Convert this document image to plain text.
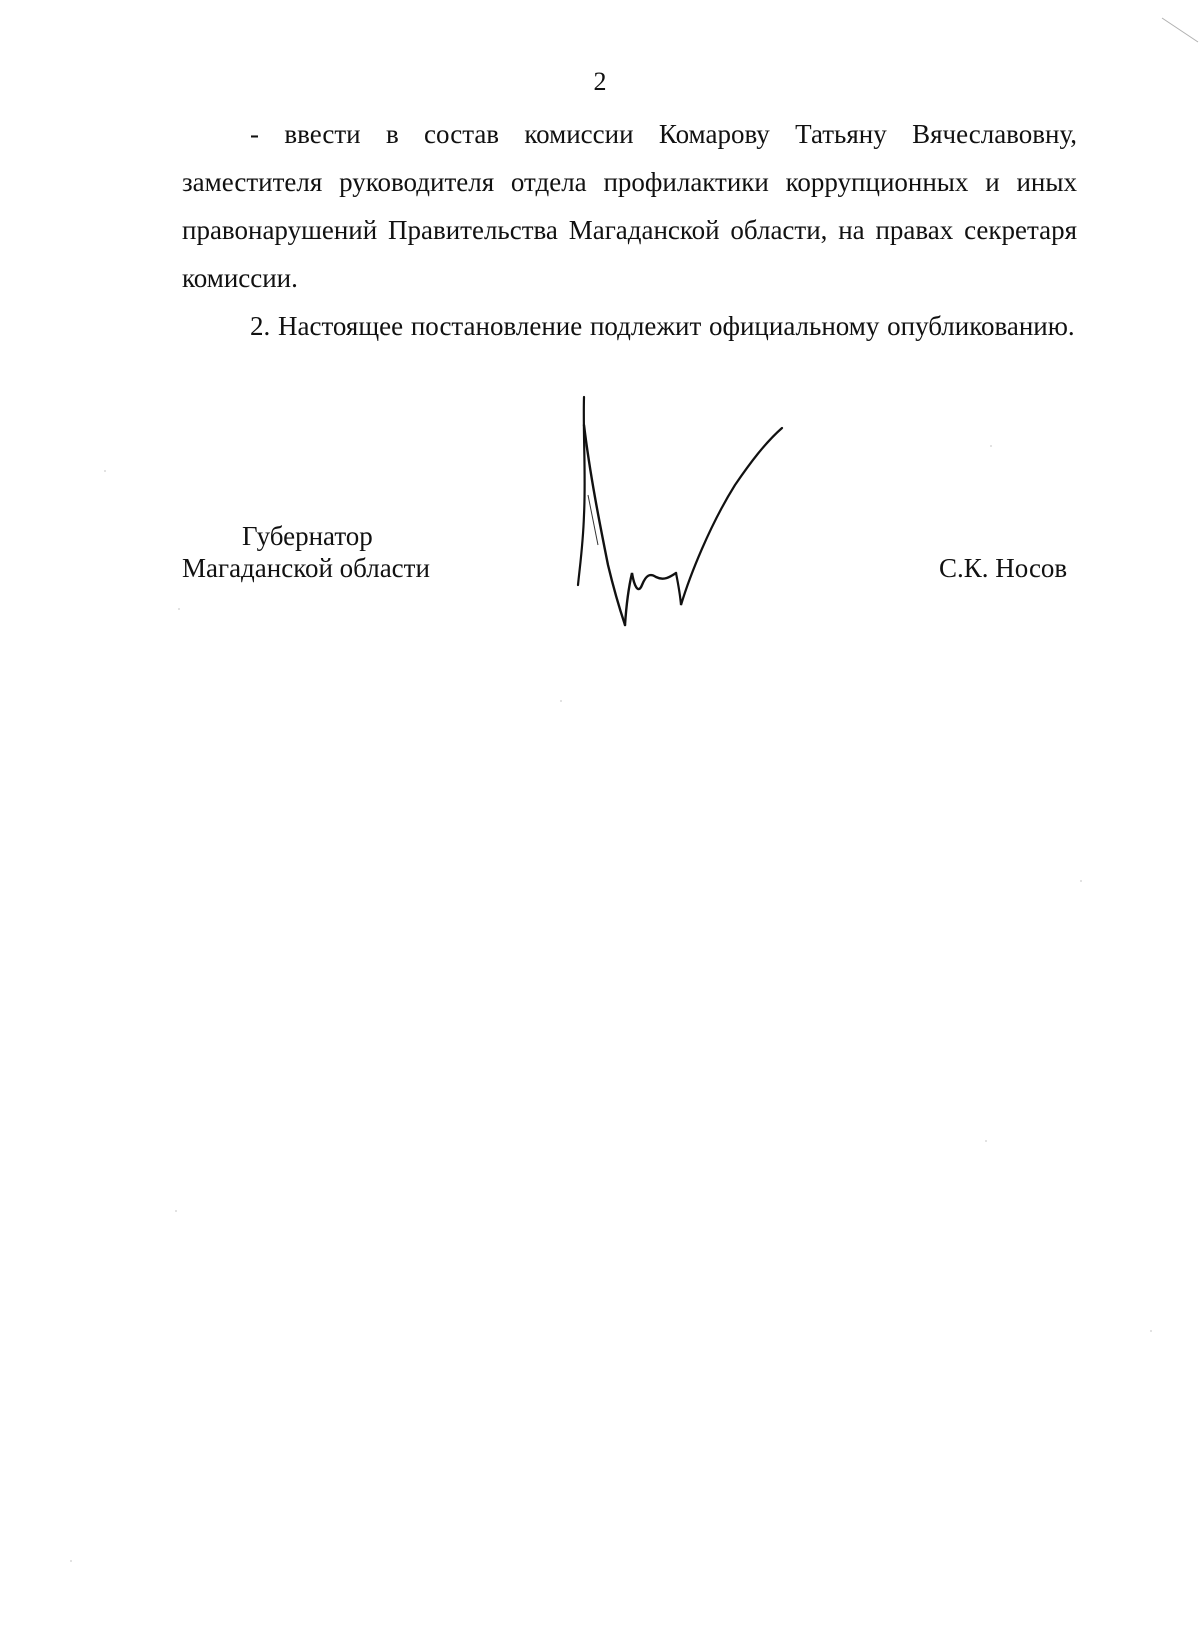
2

- ввести в состав комиссии Комарову Татьяну Вячеславовну, заместителя руководителя отдела профилактики коррупционных и иных правонарушений Правительства Магаданской области, на правах секретаря комиссии.

2. Настоящее постановление подлежит официальному опубликованию.

Губернатор
Магаданской области	С.К. Носов
